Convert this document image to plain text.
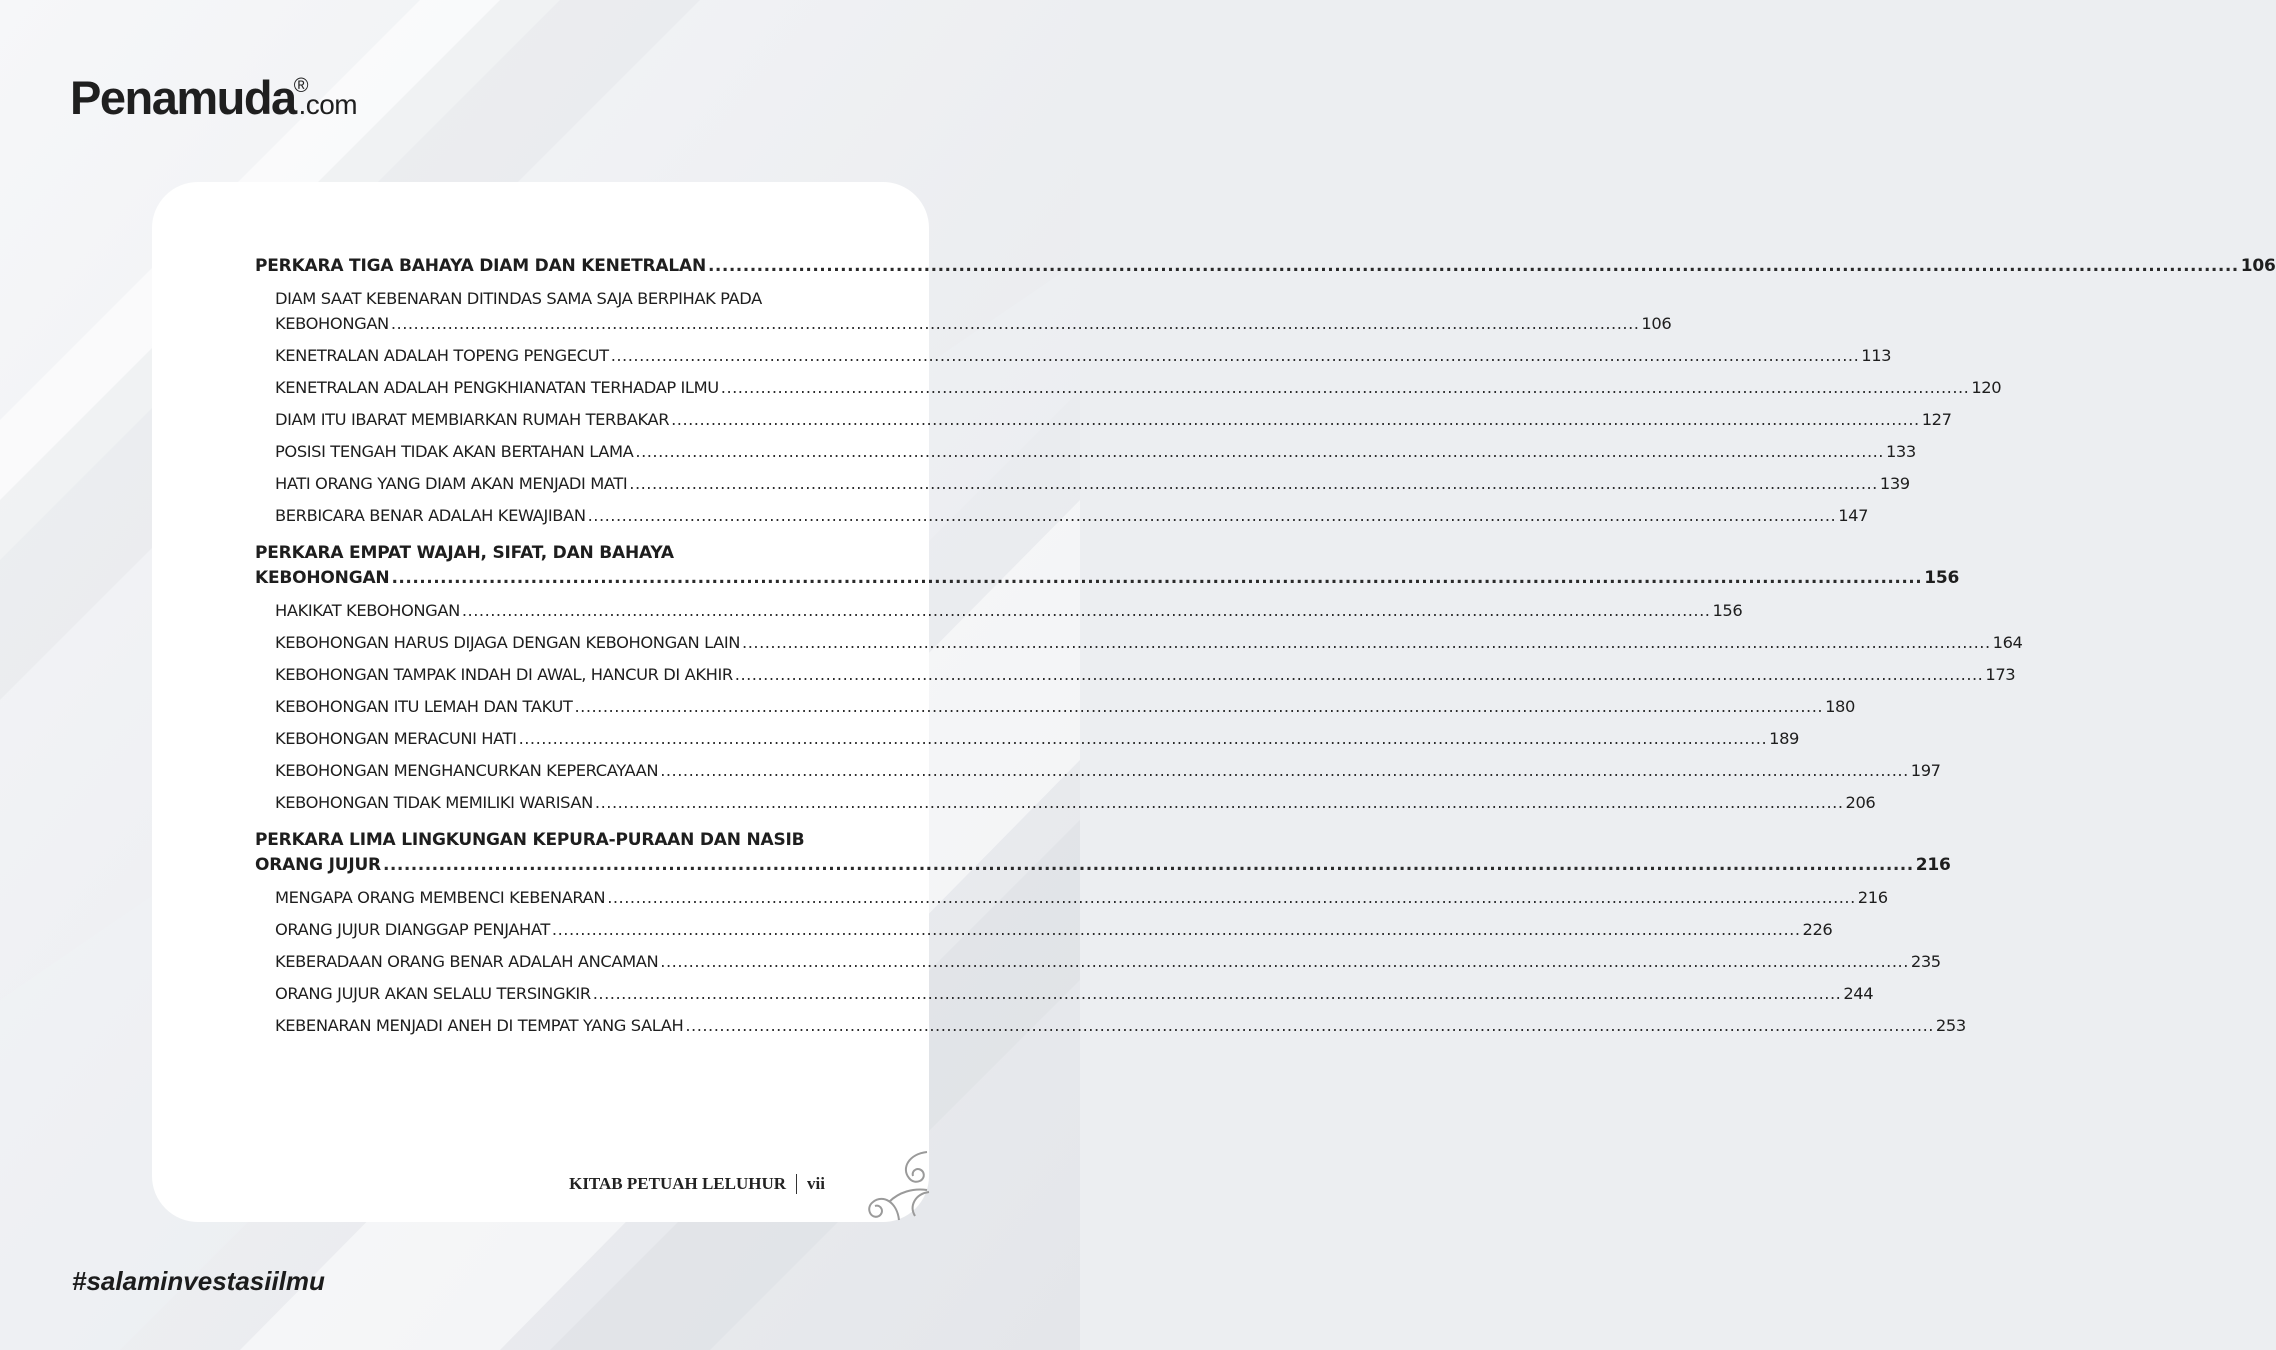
Penamuda®.com
PERKARA TIGA BAHAYA DIAM DAN KENETRALAN ............................................................................................................................................................................................................................ 106
DIAM SAAT KEBENARAN DITINDAS SAMA SAJA BERPIHAK PADA
KEBOHONGAN ............................................................................................................................................................................................................................ 106
KENETRALAN ADALAH TOPENG PENGECUT ............................................................................................................................................................................................................................ 113
KENETRALAN ADALAH PENGKHIANATAN TERHADAP ILMU ............................................................................................................................................................................................................................ 120
DIAM ITU IBARAT MEMBIARKAN RUMAH TERBAKAR ............................................................................................................................................................................................................................ 127
POSISI TENGAH TIDAK AKAN BERTAHAN LAMA ............................................................................................................................................................................................................................ 133
HATI ORANG YANG DIAM AKAN MENJADI MATI ............................................................................................................................................................................................................................ 139
BERBICARA BENAR ADALAH KEWAJIBAN ............................................................................................................................................................................................................................ 147
PERKARA EMPAT WAJAH, SIFAT, DAN BAHAYA
KEBOHONGAN ............................................................................................................................................................................................................................ 156
HAKIKAT KEBOHONGAN ............................................................................................................................................................................................................................ 156
KEBOHONGAN HARUS DIJAGA DENGAN KEBOHONGAN LAIN ............................................................................................................................................................................................................................ 164
KEBOHONGAN TAMPAK INDAH DI AWAL, HANCUR DI AKHIR ............................................................................................................................................................................................................................ 173
KEBOHONGAN ITU LEMAH DAN TAKUT ............................................................................................................................................................................................................................ 180
KEBOHONGAN MERACUNI HATI ............................................................................................................................................................................................................................ 189
KEBOHONGAN MENGHANCURKAN KEPERCAYAAN ............................................................................................................................................................................................................................ 197
KEBOHONGAN TIDAK MEMILIKI WARISAN ............................................................................................................................................................................................................................ 206
PERKARA LIMA LINGKUNGAN KEPURA-PURAAN DAN NASIB
ORANG JUJUR ............................................................................................................................................................................................................................ 216
MENGAPA ORANG MEMBENCI KEBENARAN ............................................................................................................................................................................................................................ 216
ORANG JUJUR DIANGGAP PENJAHAT ............................................................................................................................................................................................................................ 226
KEBERADAAN ORANG BENAR ADALAH ANCAMAN ............................................................................................................................................................................................................................ 235
ORANG JUJUR AKAN SELALU TERSINGKIR ............................................................................................................................................................................................................................ 244
KEBENARAN MENJADI ANEH DI TEMPAT YANG SALAH ............................................................................................................................................................................................................................ 253
KITAB PETUAH LELUHUR vii
#salaminvestasiilmu
